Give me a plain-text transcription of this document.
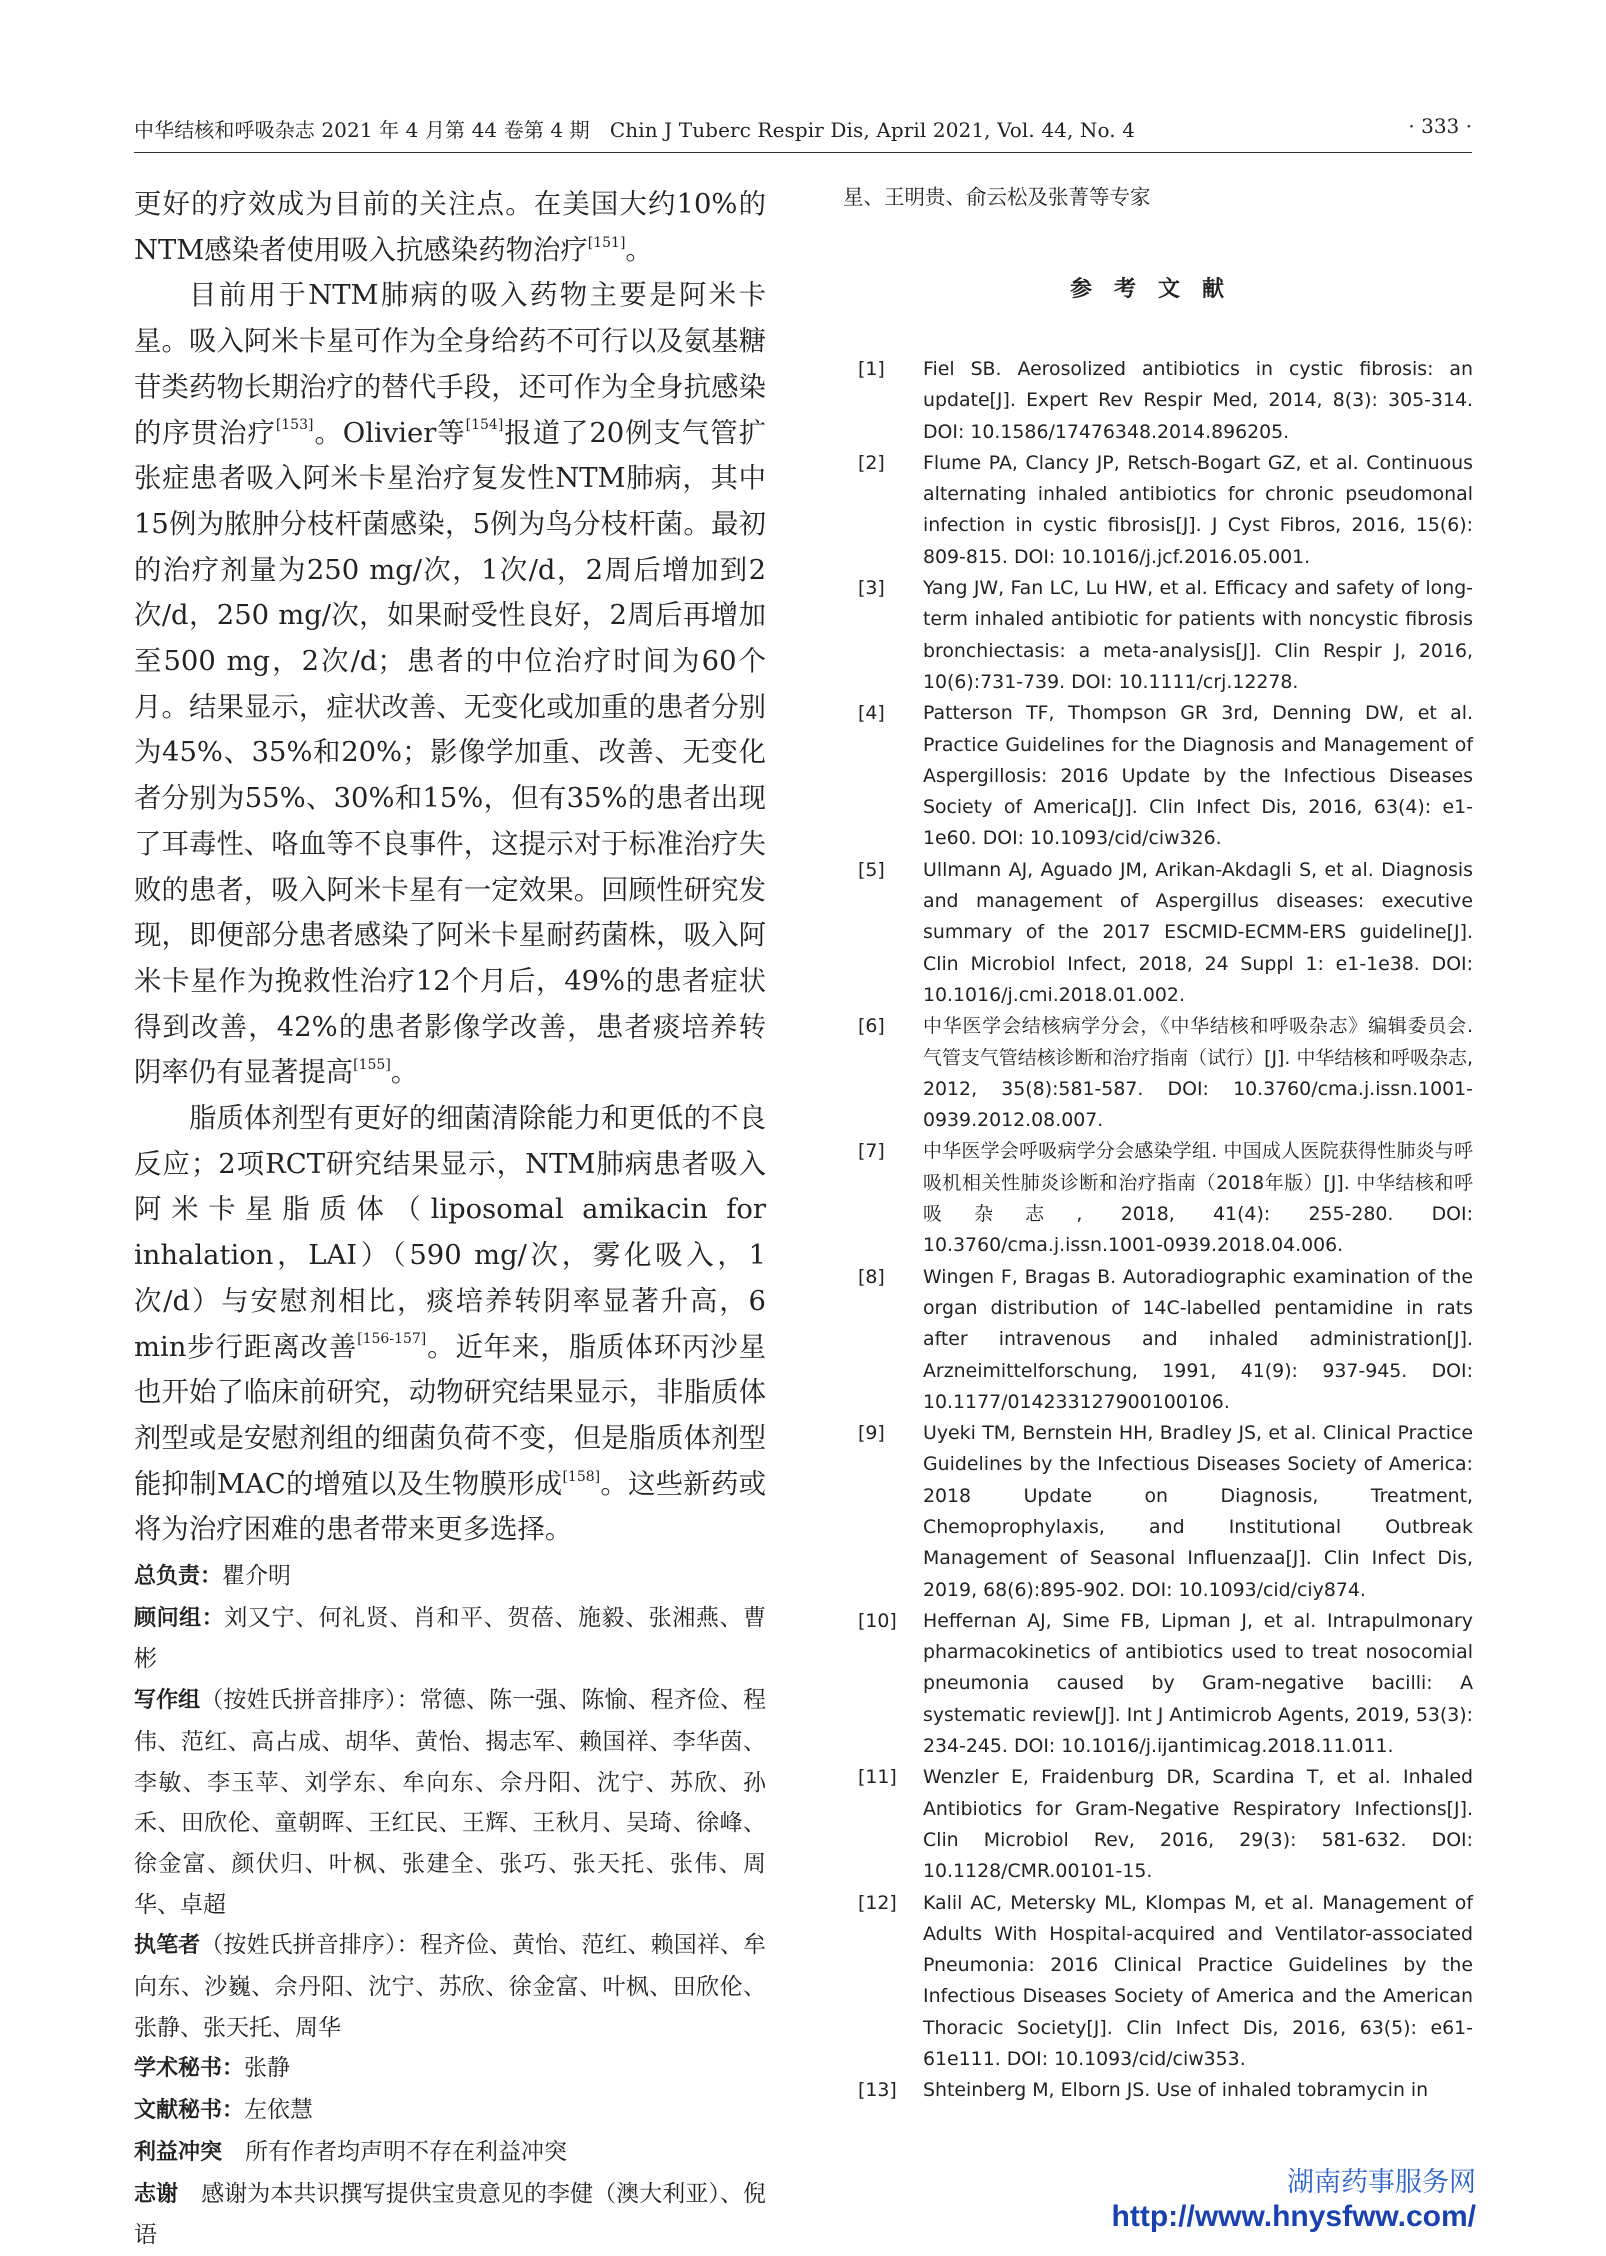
中华结核和呼吸杂志 2021 年 4 月第 44 卷第 4 期　Chin J Tuberc Respir Dis, April 2021, Vol. 44, No. 4	· 333 ·

更好的疗效成为目前的关注点。在美国大约10%的NTM感染者使用吸入抗感染药物治疗[151]。

目前用于NTM肺病的吸入药物主要是阿米卡星。吸入阿米卡星可作为全身给药不可行以及氨基糖苷类药物长期治疗的替代手段，还可作为全身抗感染的序贯治疗[153]。Olivier等[154]报道了20例支气管扩张症患者吸入阿米卡星治疗复发性NTM肺病，其中15例为脓肿分枝杆菌感染，5例为鸟分枝杆菌。最初的治疗剂量为250 mg/次，1次/d，2周后增加到2次/d，250 mg/次，如果耐受性良好，2周后再增加至500 mg，2次/d；患者的中位治疗时间为60个月。结果显示，症状改善、无变化或加重的患者分别为45%、35%和20%；影像学加重、改善、无变化者分别为55%、30%和15%，但有35%的患者出现了耳毒性、咯血等不良事件，这提示对于标准治疗失败的患者，吸入阿米卡星有一定效果。回顾性研究发现，即便部分患者感染了阿米卡星耐药菌株，吸入阿米卡星作为挽救性治疗12个月后，49%的患者症状得到改善，42%的患者影像学改善，患者痰培养转阴率仍有显著提高[155]。

脂质体剂型有更好的细菌清除能力和更低的不良反应；2项RCT研究结果显示，NTM肺病患者吸入阿米卡星脂质体（liposomal amikacin for inhalation，LAI）（590 mg/次，雾化吸入，1次/d）与安慰剂相比，痰培养转阴率显著升高，6 min步行距离改善[156-157]。近年来，脂质体环丙沙星也开始了临床前研究，动物研究结果显示，非脂质体剂型或是安慰剂组的细菌负荷不变，但是脂质体剂型能抑制MAC的增殖以及生物膜形成[158]。这些新药或将为治疗困难的患者带来更多选择。

总负责：瞿介明

顾问组：刘又宁、何礼贤、肖和平、贺蓓、施毅、张湘燕、曹彬

写作组（按姓氏拼音排序）：常德、陈一强、陈愉、程齐俭、程伟、范红、高占成、胡华、黄怡、揭志军、赖国祥、李华茵、李敏、李玉苹、刘学东、牟向东、佘丹阳、沈宁、苏欣、孙禾、田欣伦、童朝晖、王红民、王辉、王秋月、吴琦、徐峰、徐金富、颜伏归、叶枫、张建全、张巧、张天托、张伟、周华、卓超

执笔者（按姓氏拼音排序）：程齐俭、黄怡、范红、赖国祥、牟向东、沙巍、佘丹阳、沈宁、苏欣、徐金富、叶枫、田欣伦、张静、张天托、周华

学术秘书：张静

文献秘书：左依慧

利益冲突　 所有作者均声明不存在利益冲突

志谢　 感谢为本共识撰写提供宝贵意见的李健（澳大利亚）、倪语

星、王明贵、俞云松及张菁等专家

参考文献
[1] Fiel SB. Aerosolized antibiotics in cystic fibrosis: an update[J]. Expert Rev Respir Med, 2014, 8(3): 305-314. DOI: 10.1586/17476348.2014.896205.
[2] Flume PA, Clancy JP, Retsch-Bogart GZ, et al. Continuous alternating inhaled antibiotics for chronic pseudomonal infection in cystic fibrosis[J]. J Cyst Fibros, 2016, 15(6): 809-815. DOI: 10.1016/j.jcf.2016.05.001.
[3] Yang JW, Fan LC, Lu HW, et al. Efficacy and safety of long-term inhaled antibiotic for patients with noncystic fibrosis bronchiectasis: a meta-analysis[J]. Clin Respir J, 2016, 10(6):731-739. DOI: 10.1111/crj.12278.
[4] Patterson TF, Thompson GR 3rd, Denning DW, et al. Practice Guidelines for the Diagnosis and Management of Aspergillosis: 2016 Update by the Infectious Diseases Society of America[J]. Clin Infect Dis, 2016, 63(4): e1-1e60. DOI: 10.1093/cid/ciw326.
[5] Ullmann AJ, Aguado JM, Arikan-Akdagli S, et al. Diagnosis and management of Aspergillus diseases: executive summary of the 2017 ESCMID-ECMM-ERS guideline[J]. Clin Microbiol Infect, 2018, 24 Suppl 1: e1-1e38. DOI: 10.1016/j.cmi.2018.01.002.
[6] 中华医学会结核病学分会，《中华结核和呼吸杂志》编辑委员会. 气管支气管结核诊断和治疗指南（试行）[J]. 中华结核和呼吸杂志, 2012, 35(8):581-587. DOI: 10.3760/cma.j.issn.1001-0939.2012.08.007.
[7] 中华医学会呼吸病学分会感染学组. 中国成人医院获得性肺炎与呼吸机相关性肺炎诊断和治疗指南（2018年版）[J]. 中华结核和呼吸杂志, 2018, 41(4): 255-280. DOI: 10.3760/cma.j.issn.1001-0939.2018.04.006.
[8] Wingen F, Bragas B. Autoradiographic examination of the organ distribution of 14C-labelled pentamidine in rats after intravenous and inhaled administration[J]. Arzneimittelforschung, 1991, 41(9): 937-945. DOI: 10.1177/014233127900100106.
[9] Uyeki TM, Bernstein HH, Bradley JS, et al. Clinical Practice Guidelines by the Infectious Diseases Society of America: 2018 Update on Diagnosis, Treatment, Chemoprophylaxis, and Institutional Outbreak Management of Seasonal Influenzaa[J]. Clin Infect Dis, 2019, 68(6):895-902. DOI: 10.1093/cid/ciy874.
[10] Heffernan AJ, Sime FB, Lipman J, et al. Intrapulmonary pharmacokinetics of antibiotics used to treat nosocomial pneumonia caused by Gram-negative bacilli: A systematic review[J]. Int J Antimicrob Agents, 2019, 53(3): 234-245. DOI: 10.1016/j.ijantimicag.2018.11.011.
[11] Wenzler E, Fraidenburg DR, Scardina T, et al. Inhaled Antibiotics for Gram-Negative Respiratory Infections[J]. Clin Microbiol Rev, 2016, 29(3): 581-632. DOI: 10.1128/CMR.00101-15.
[12] Kalil AC, Metersky ML, Klompas M, et al. Management of Adults With Hospital-acquired and Ventilator-associated Pneumonia: 2016 Clinical Practice Guidelines by the Infectious Diseases Society of America and the American Thoracic Society[J]. Clin Infect Dis, 2016, 63(5): e61-61e111. DOI: 10.1093/cid/ciw353.
[13] Shteinberg M, Elborn JS. Use of inhaled tobramycin in
湖南药事服务网
http://www.hnysfww.com/
